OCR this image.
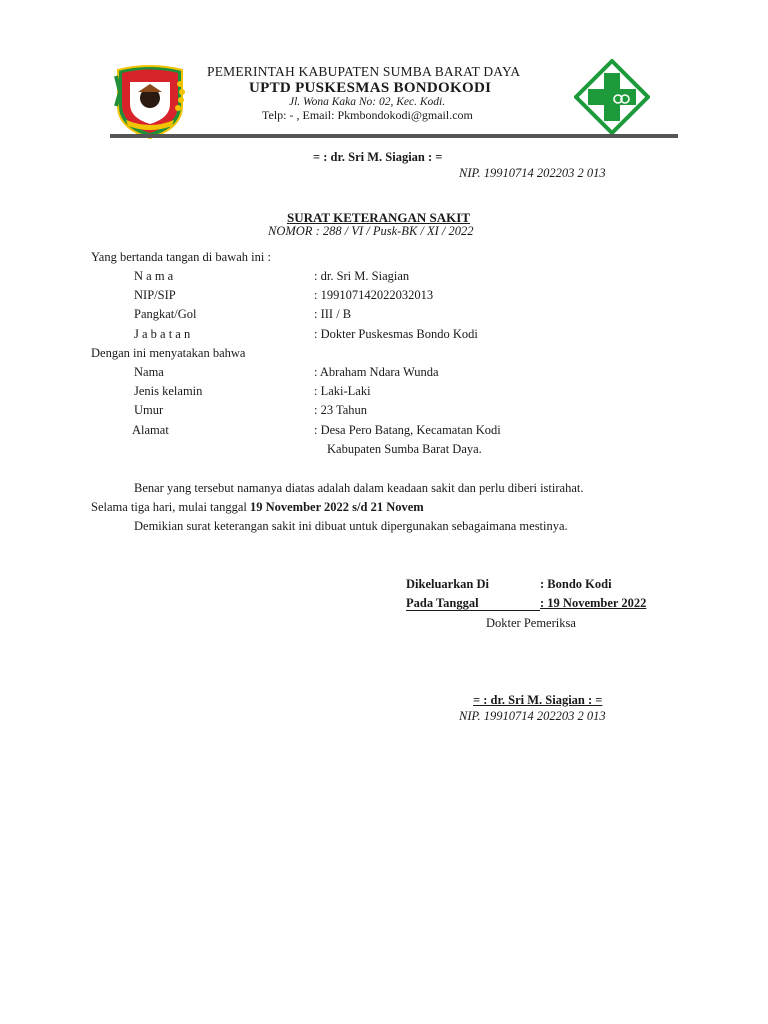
PEMERINTAH KABUPATEN SUMBA BARAT DAYA
UPTD PUSKESMAS BONDOKODI
Jl. Wona Kaka No: 02, Kec. Kodi.
Telp: - , Email: Pkmbondokodi@gmail.com
= : dr. Sri M. Siagian : =
NIP. 19910714 202203 2 013
SURAT KETERANGAN SAKIT
NOMOR : 288 / VI / Pusk-BK / XI / 2022
Yang bertanda tangan di bawah ini :
N a m a	: dr. Sri M. Siagian
NIP/SIP	: 199107142022032013
Pangkat/Gol	: III / B
J a b a t a n	: Dokter Puskesmas Bondo Kodi
Dengan ini menyatakan bahwa
Nama	: Abraham Ndara Wunda
Jenis kelamin	: Laki-Laki
Umur	: 23 Tahun
Alamat	: Desa Pero Batang, Kecamatan Kodi
Kabupaten Sumba Barat Daya.
Benar yang tersebut namanya diatas adalah dalam keadaan sakit dan perlu diberi istirahat.
Selama tiga hari, mulai tanggal 19 November 2022 s/d 21 Novem
Demikian surat keterangan sakit ini dibuat untuk dipergunakan sebagaimana mestinya.
Dikeluarkan Di	: Bondo Kodi
Pada Tanggal	: 19 November 2022
Dokter Pemeriksa
= : dr. Sri M. Siagian : =
NIP. 19910714 202203 2 013
